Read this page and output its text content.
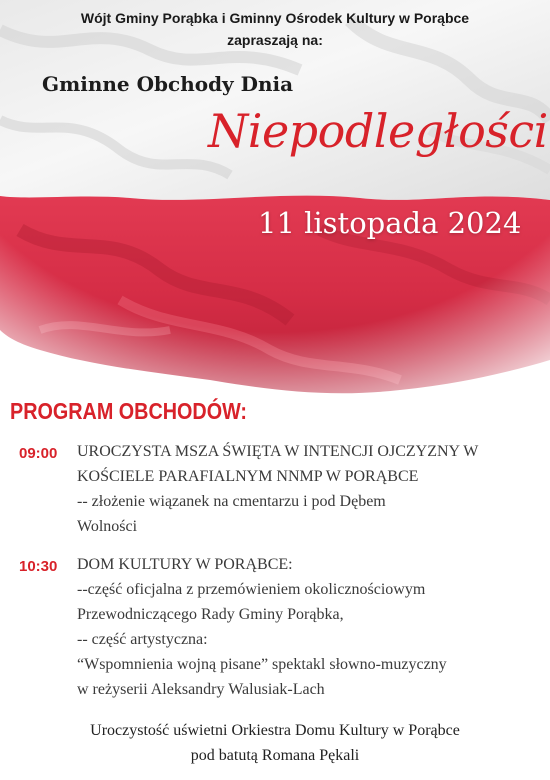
Wójt Gminy Porąbka i Gminny Ośrodek Kultury w Porąbce
zapraszają na:
Gminne Obchody Dnia
Niepodległości
11 listopada 2024
PROGRAM OBCHODÓW:
09:00 UROCZYSTA MSZA ŚWIĘTA W INTENCJI OJCZYZNY W
KOŚCIELE PARAFIALNYM NNMP W PORĄBCE
-- złożenie wiązanek na cmentarzu i pod Dębem
Wolności
10:30 DOM KULTURY W PORĄBCE:
--część oficjalna z przemówieniem okolicznościowym
Przewodniczącego Rady Gminy Porąbka,
-- część artystyczna:
“Wspomnienia wojną pisane” spektakl słowno-muzyczny
w reżyserii Aleksandry Walusiak-Lach
Uroczystość uświetni Orkiestra Domu Kultury w Porąbce
pod batutą Romana Pękali
